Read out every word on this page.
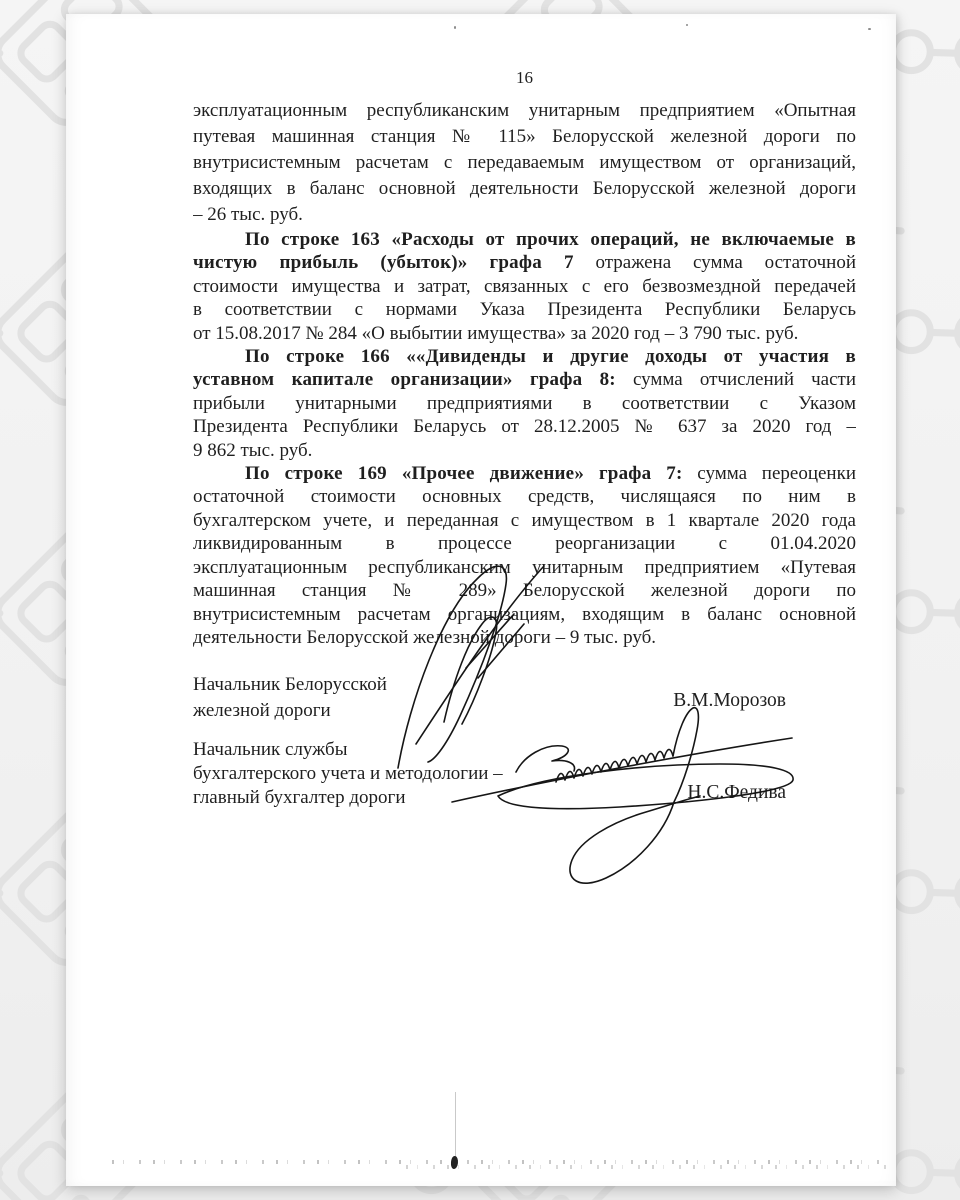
16
эксплуатационным республиканским унитарным предприятием «Опытная
путевая машинная станция № 115» Белорусской железной дороги по
внутрисистемным расчетам с передаваемым имуществом от организаций,
входящих в баланс основной деятельности Белорусской железной дороги
– 26 тыс. руб.
По строке 163 «Расходы от прочих операций, не включаемые в
чистую прибыль (убыток)» графа 7 отражена сумма остаточной
стоимости имущества и затрат, связанных с его безвозмездной передачей
в соответствии с нормами Указа Президента Республики Беларусь
от 15.08.2017 № 284 «О выбытии имущества» за 2020 год – 3 790 тыс. руб.
По строке 166 ««Дивиденды и другие доходы от участия в
уставном капитале организации» графа 8: сумма отчислений части
прибыли унитарными предприятиями в соответствии с Указом
Президента Республики Беларусь от 28.12.2005 № 637 за 2020 год –
9 862 тыс. руб.
По строке 169 «Прочее движение» графа 7: сумма переоценки
остаточной стоимости основных средств, числящаяся по ним в
бухгалтерском учете, и переданная с имуществом в 1 квартале 2020 года
ликвидированным в процессе реорганизации с 01.04.2020
эксплуатационным республиканским унитарным предприятием «Путевая
машинная станция № 289» Белорусской железной дороги по
внутрисистемным расчетам организациям, входящим в баланс основной
деятельности Белорусской железной дороги – 9 тыс. руб.
Начальник Белорусской
железной дороги	В.М.Морозов
Начальник службы
бухгалтерского учета и методологии –
главный бухгалтер дороги	Н.С.Федива
